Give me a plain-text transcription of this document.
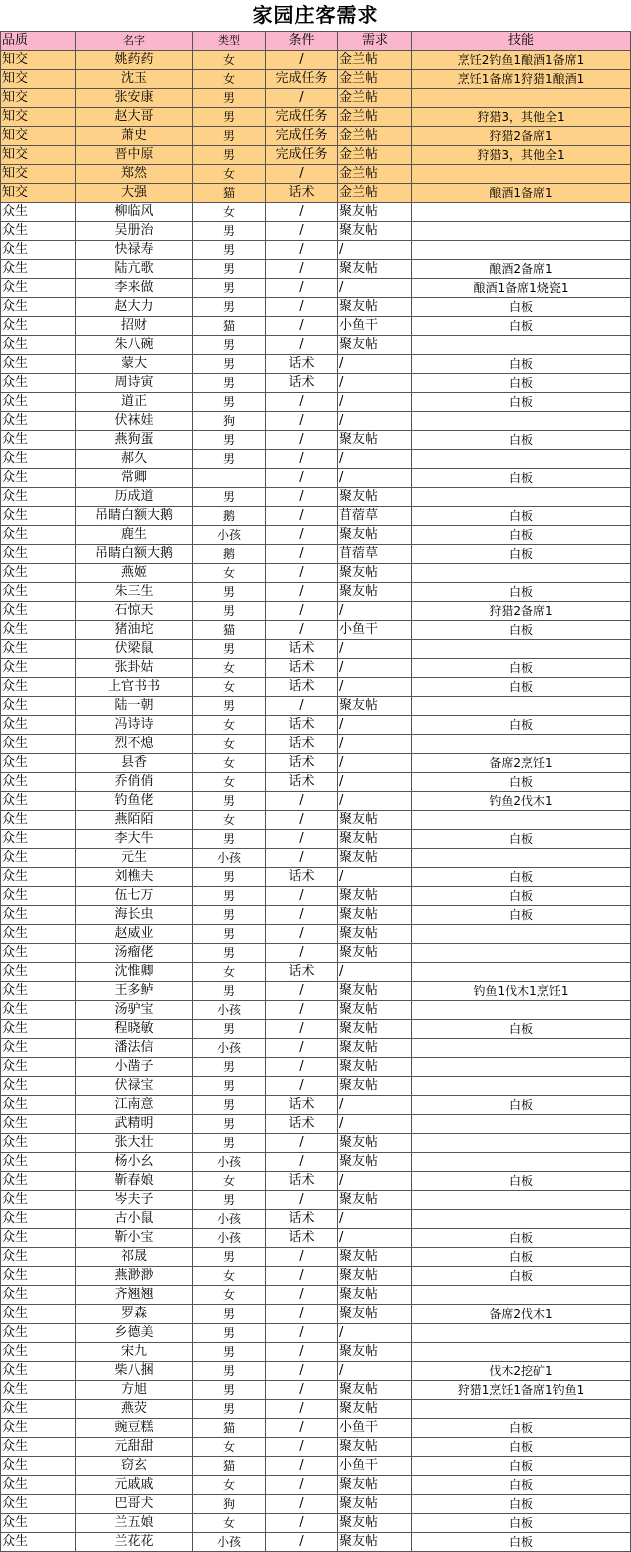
家园庄客需求
品质	名字	类型	条件	需求	技能
知交	姚药药	女	/	金兰帖	烹饪2钓鱼1酿酒1备席1
知交	沈玉	女	完成任务	金兰帖	烹饪1备席1狩猎1酿酒1
知交	张安康	男	/	金兰帖	
知交	赵大哥	男	完成任务	金兰帖	狩猎3，其他全1
知交	萧史	男	完成任务	金兰帖	狩猎2备席1
知交	晋中原	男	完成任务	金兰帖	狩猎3，其他全1
知交	郑然	女	/	金兰帖	
知交	大强	猫	话术	金兰帖	酿酒1备席1
众生	柳临风	女	/	聚友帖	
众生	吴册治	男	/	聚友帖	
众生	快禄寿	男	/	/	
众生	陆亢歌	男	/	聚友帖	酿酒2备席1
众生	李来做	男	/	/	酿酒1备席1烧瓷1
众生	赵大力	男	/	聚友帖	白板
众生	招财	猫	/	小鱼干	白板
众生	朱八碗	男	/	聚友帖	
众生	蒙大	男	话术	/	白板
众生	周诗寅	男	话术	/	白板
众生	道正	男	/	/	白板
众生	伏袜娃	狗	/	/	
众生	燕狗蛋	男	/	聚友帖	白板
众生	郝久	男	/	/	
众生	常卿		/	/	白板
众生	历成道	男	/	聚友帖	
众生	吊睛白额大鹅	鹅	/	苜蓿草	白板
众生	鹿生	小孩	/	聚友帖	白板
众生	吊睛白额大鹅	鹅	/	苜蓿草	白板
众生	燕姬	女	/	聚友帖	
众生	朱三生	男	/	聚友帖	白板
众生	石惊天	男	/	/	狩猎2备席1
众生	猪油坨	猫	/	小鱼干	白板
众生	伏梁鼠	男	话术	/	
众生	张卦姑	女	话术	/	白板
众生	上官书书	女	话术	/	白板
众生	陆一朝	男	/	聚友帖	
众生	冯诗诗	女	话术	/	白板
众生	烈不熄	女	话术	/	
众生	县香	女	话术	/	备席2烹饪1
众生	乔俏俏	女	话术	/	白板
众生	钓鱼佬	男	/	/	钓鱼2伐木1
众生	燕陌陌	女	/	聚友帖	
众生	李大牛	男	/	聚友帖	白板
众生	元生	小孩	/	聚友帖	
众生	刘樵夫	男	话术	/	白板
众生	伍七万	男	/	聚友帖	白板
众生	海长虫	男	/	聚友帖	白板
众生	赵威业	男	/	聚友帖	
众生	汤瘤佬	男	/	聚友帖	
众生	沈惟卿	女	话术	/	
众生	王多鲈	男	/	聚友帖	钓鱼1伐木1烹饪1
众生	汤驴宝	小孩	/	聚友帖	
众生	程晓敏	男	/	聚友帖	白板
众生	潘法信	小孩	/	聚友帖	
众生	小凿子	男	/	聚友帖	
众生	伏禄宝	男	/	聚友帖	
众生	江南意	男	话术	/	白板
众生	武精明	男	话术	/	
众生	张大壮	男	/	聚友帖	
众生	杨小幺	小孩	/	聚友帖	
众生	靳春娘	女	话术	/	白板
众生	岑夫子	男	/	聚友帖	
众生	古小鼠	小孩	话术	/	
众生	靳小宝	小孩	话术	/	白板
众生	祁晟	男	/	聚友帖	白板
众生	燕渺渺	女	/	聚友帖	白板
众生	齐翘翘	女	/	聚友帖	
众生	罗森	男	/	聚友帖	备席2伐木1
众生	乡德美	男	/	/	
众生	宋九	男	/	聚友帖	
众生	柴八捆	男	/	/	伐木2挖矿1
众生	方旭	男	/	聚友帖	狩猎1烹饪1备席1钓鱼1
众生	燕荧	男	/	聚友帖	
众生	豌豆糕	猫	/	小鱼干	白板
众生	元甜甜	女	/	聚友帖	白板
众生	窃玄	猫	/	小鱼干	白板
众生	元戚戚	女	/	聚友帖	白板
众生	巴哥犬	狗	/	聚友帖	白板
众生	兰五娘	女	/	聚友帖	白板
众生	兰花花	小孩	/	聚友帖	白板
